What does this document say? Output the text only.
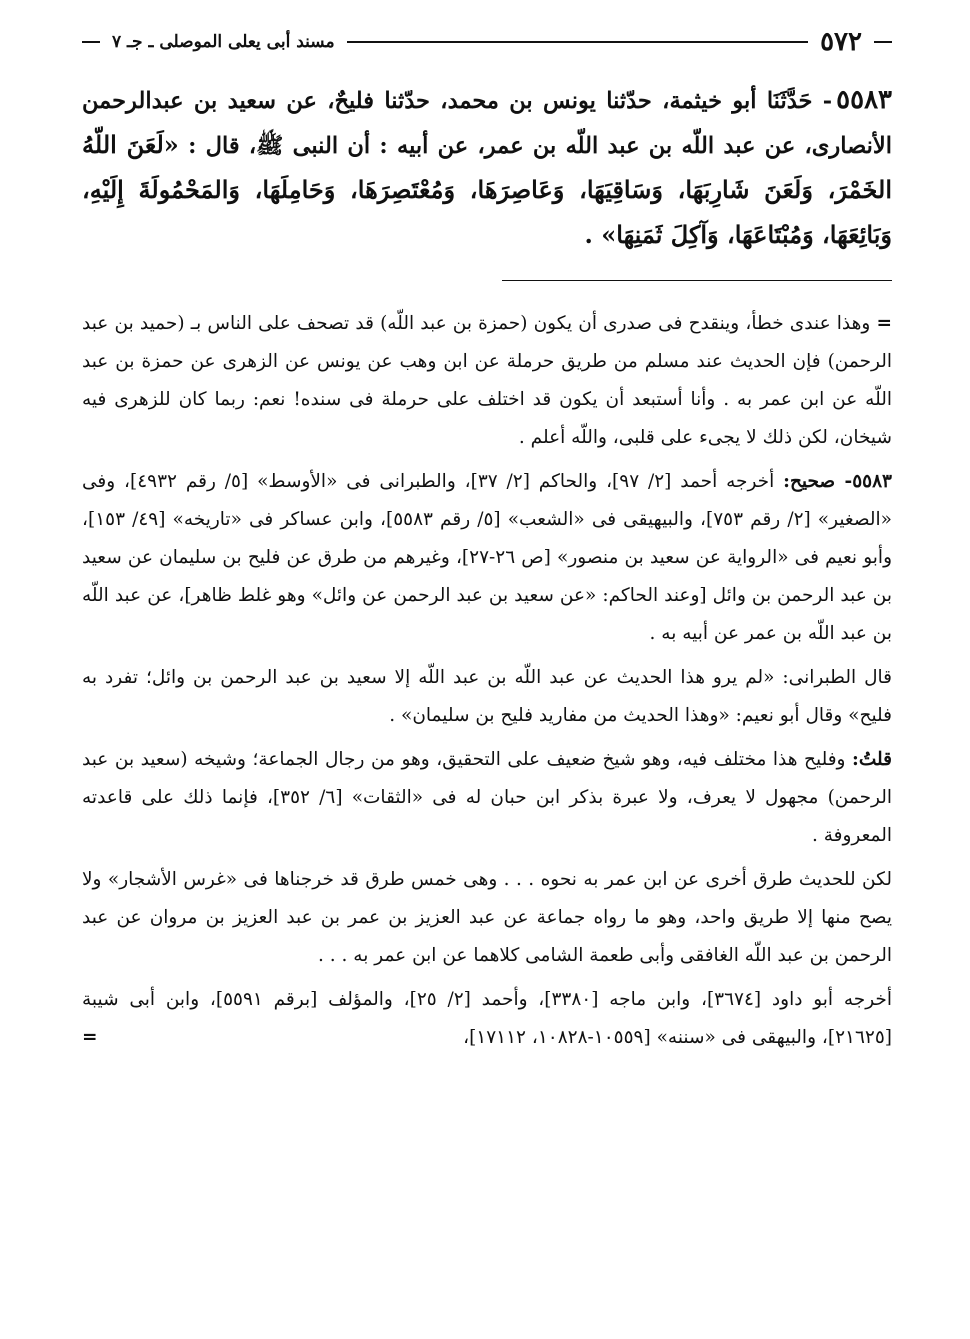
٥٧٢
مسند أبى يعلى الموصلى ـ جـ ٧

٥٥٨٣- حَدَّثَنَا أبو خيثمة، حدّثنا يونس بن محمد، حدّثنا فليحٌ، عن سعيد بن عبدالرحمن الأنصارى، عن عبد اللّه بن عبد اللّه بن عمر، عن أبيه : أن النبى ﷺ، قال : «لَعَنَ اللّهُ الخَمْرَ، وَلَعَنَ شَارِبَهَا، وَسَاقِيَهَا، وَعَاصِرَهَا، وَمُعْتَصِرَهَا، وَحَامِلَهَا، وَالمَحْمُولَةَ إِلَيْهِ، وَبَائِعَهَا، وَمُبْتَاعَهَا، وَآكِلَ ثَمَنِهَا» .

= وهذا عندى خطأ، وينقدح فى صدرى أن يكون (حمزة بن عبد اللّه) قد تصحف على الناس بـ (حميد بن عبد الرحمن) فإن الحديث عند مسلم من طريق حرملة عن ابن وهب عن يونس عن الزهرى عن حمزة بن عبد اللّه عن ابن عمر به . وأنا أستبعد أن يكون قد اختلف على حرملة فى سنده! نعم: ربما كان للزهرى فيه شيخان، لكن ذلك لا يجىء على قلبى، واللّه أعلم .

٥٥٨٣- صحيح: أخرجه أحمد [٢/ ٩٧]، والحاكم [٢/ ٣٧]، والطبرانى فى «الأوسط» [٥/ رقم ٤٩٣٢]، وفى «الصغير» [٢/ رقم ٧٥٣]، والبيهيقى فى «الشعب» [٥/ رقم ٥٥٨٣]، وابن عساكر فى «تاريخه» [٤٩/ ١٥٣]، وأبو نعيم فى «الرواية عن سعيد بن منصور» [ص ٢٦-٢٧]، وغيرهم من طرق عن فليح بن سليمان عن سعيد بن عبد الرحمن بن وائل [وعند الحاكم: «عن سعيد بن عبد الرحمن عن وائل» وهو غلط ظاهر]، عن عبد اللّه بن عبد اللّه بن عمر عن أبيه به .

قال الطبرانى: «لم يرو هذا الحديث عن عبد اللّه بن عبد اللّه إلا سعيد بن عبد الرحمن بن وائل؛ تفرد به فليح» وقال أبو نعيم: «وهذا الحديث من مفاريد فليح بن سليمان» .

قلتُ: وفليح هذا مختلف فيه، وهو شيخ ضعيف على التحقيق، وهو من رجال الجماعة؛ وشيخه (سعيد بن عبد الرحمن) مجهول لا يعرف، ولا عبرة بذكر ابن حبان له فى «الثقات» [٦/ ٣٥٢]، فإنما ذلك على قاعدته المعروفة .

لكن للحديث طرق أخرى عن ابن عمر به نحوه . . . وهى خمس طرق قد خرجناها فى «غرس الأشجار» ولا يصح منها إلا طريق واحد، وهو ما رواه جماعة عن عبد العزيز بن عمر بن عبد العزيز بن مروان عن عبد الرحمن بن عبد اللّه الغافقى وأبى طعمة الشامى كلاهما عن ابن عمر به . . .

أخرجه أبو داود [٣٦٧٤]، وابن ماجه [٣٣٨٠]، وأحمد [٢/ ٢٥]، والمؤلف [برقم ٥٥٩١]، وابن أبى شيبة [٢١٦٢٥]، والبيهقى فى «سننه» [١٠٥٥٩-١٠٨٢٨، ١٧١١٢]،
=
